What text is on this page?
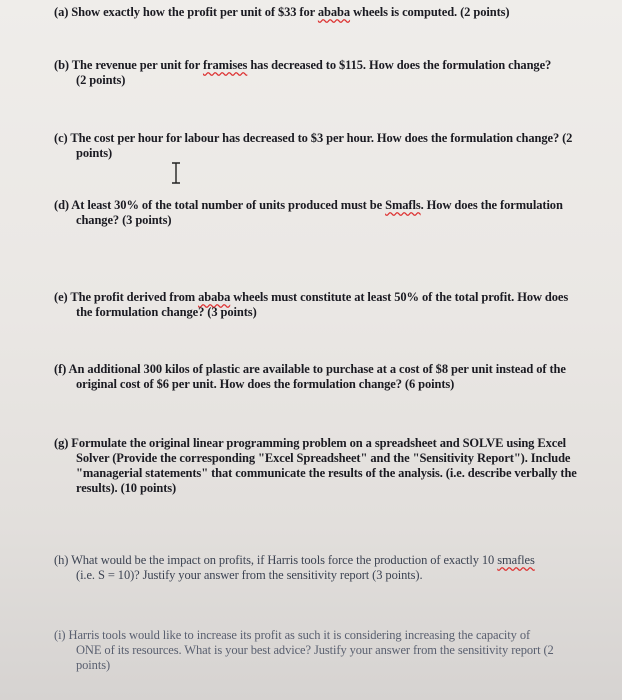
(a) Show exactly how the profit per unit of $33 for ababa wheels is computed. (2 points)
(b) The revenue per unit for framises has decreased to $115. How does the formulation change?
(2 points)
(c) The cost per hour for labour has decreased to $3 per hour. How does the formulation change? (2
points)
(d) At least 30% of the total number of units produced must be Smafls. How does the formulation
change? (3 points)
(e) The profit derived from ababa wheels must constitute at least 50% of the total profit. How does
the formulation change? (3 points)
(f) An additional 300 kilos of plastic are available to purchase at a cost of $8 per unit instead of the
original cost of $6 per unit. How does the formulation change? (6 points)
(g) Formulate the original linear programming problem on a spreadsheet and SOLVE using Excel
Solver (Provide the corresponding "Excel Spreadsheet" and the "Sensitivity Report"). Include
"managerial statements" that communicate the results of the analysis. (i.e. describe verbally the
results). (10 points)
(h) What would be the impact on profits, if Harris tools force the production of exactly 10 smafles
(i.e. S = 10)? Justify your answer from the sensitivity report (3 points).
(i) Harris tools would like to increase its profit as such it is considering increasing the capacity of
ONE of its resources. What is your best advice? Justify your answer from the sensitivity report (2
points)
